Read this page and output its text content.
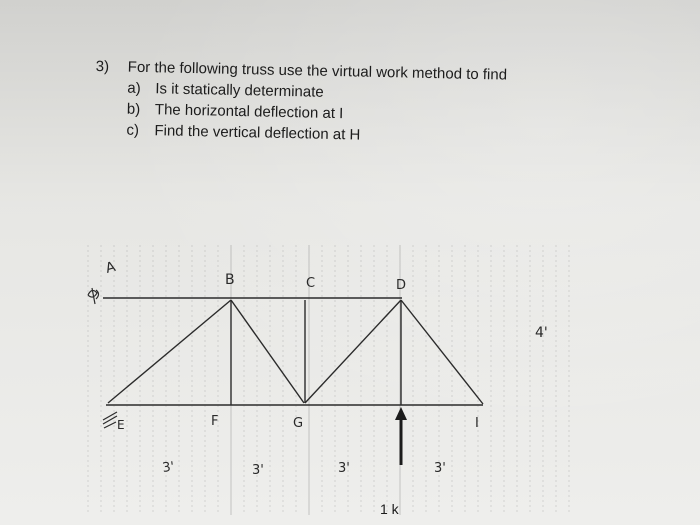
3) For the following truss use the virtual work method to find
a) Is it statically determinate
b) The horizontal deflection at I
c) Find the vertical deflection at H
A
B	C	D
E	F	G	I
4'
3'	3'	3'	3'
1 k
